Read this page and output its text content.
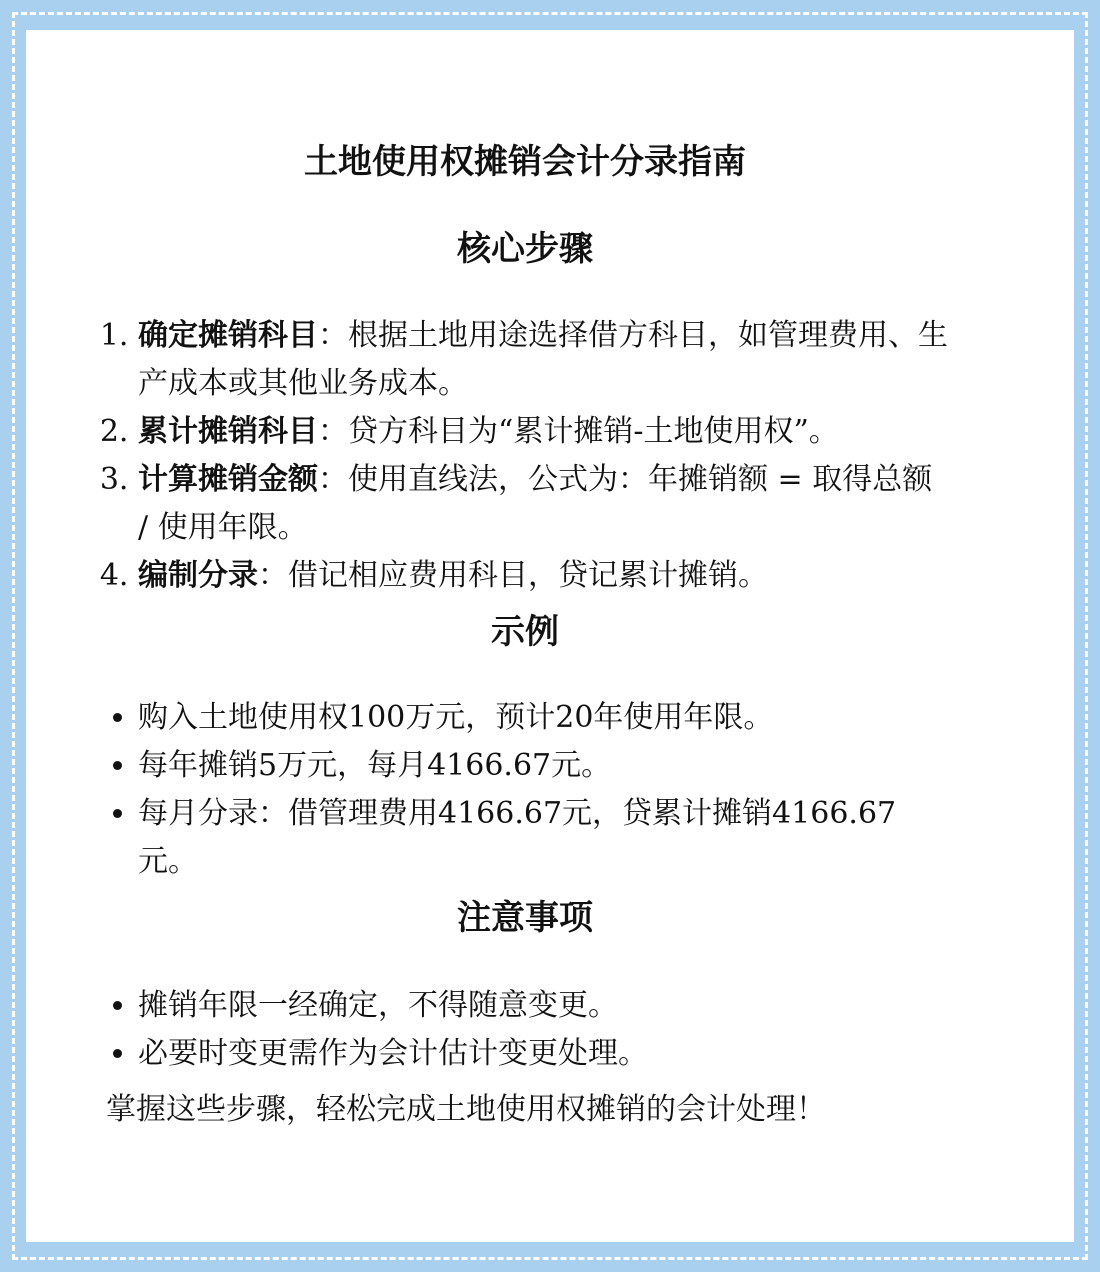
土地使用权摊销会计分录指南
核心步骤
1. 确定摊销科目：根据土地用途选择借方科目，如管理费用、生产成本或其他业务成本。
2. 累计摊销科目：贷方科目为“累计摊销-土地使用权”。
3. 计算摊销金额：使用直线法，公式为：年摊销额 = 取得总额 / 使用年限。
4. 编制分录：借记相应费用科目，贷记累计摊销。
示例
• 购入土地使用权100万元，预计20年使用年限。
• 每年摊销5万元，每月4166.67元。
• 每月分录：借管理费用4166.67元，贷累计摊销4166.67元。
注意事项
• 摊销年限一经确定，不得随意变更。
• 必要时变更需作为会计估计变更处理。
掌握这些步骤，轻松完成土地使用权摊销的会计处理！
